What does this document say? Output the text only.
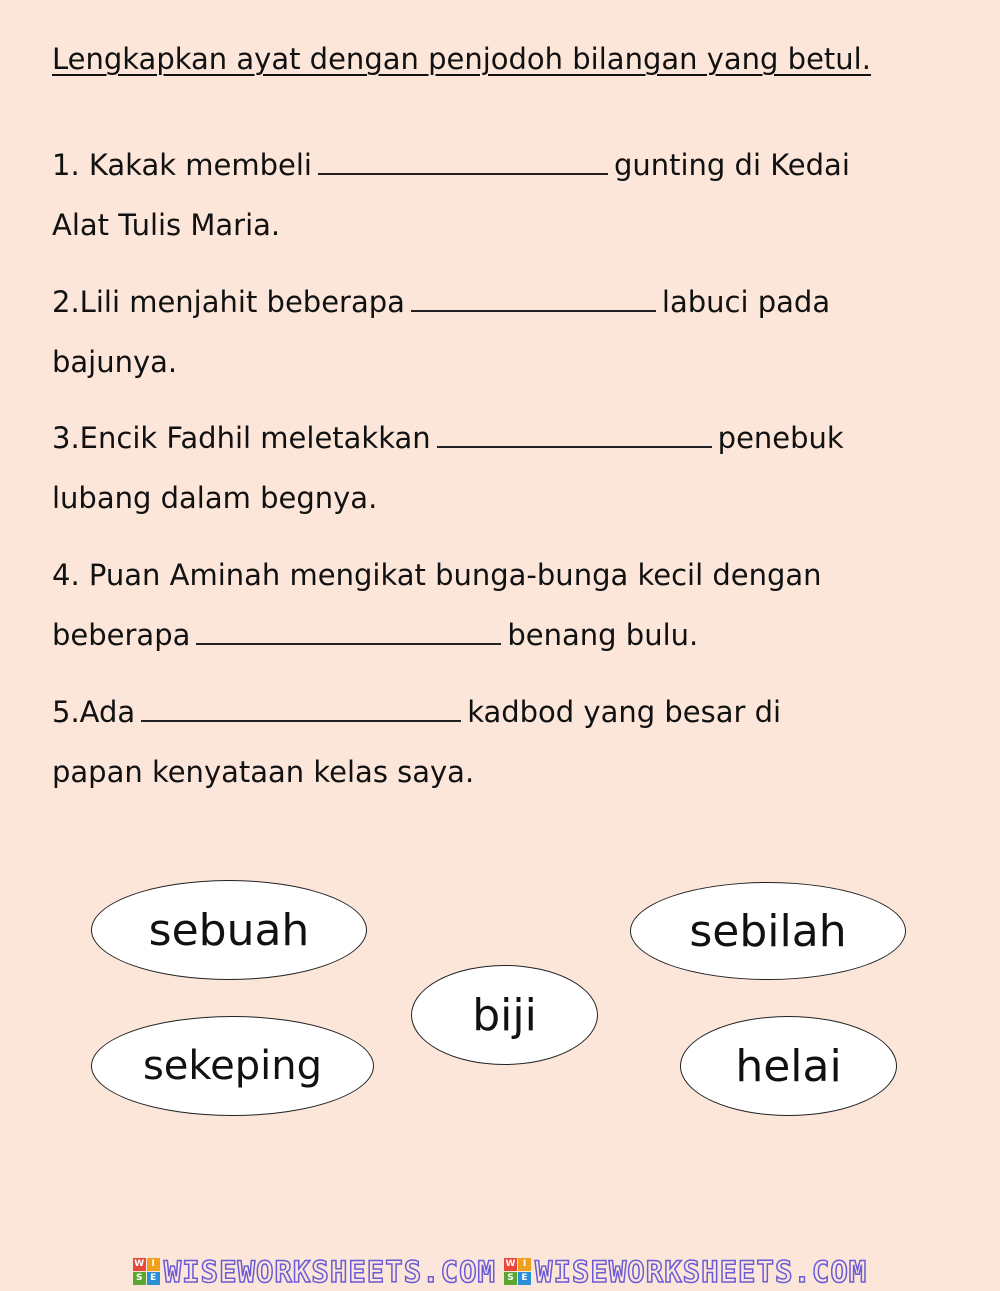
Lengkapkan ayat dengan penjodoh bilangan yang betul.
1. Kakak membeli	gunting di Kedai
Alat Tulis Maria.
2.Lili menjahit beberapa	labuci pada
bajunya.
3.Encik Fadhil meletakkan	penebuk
lubang dalam begnya.
4. Puan Aminah mengikat bunga-bunga kecil dengan
beberapa	benang bulu.
5.Ada	kadbod yang besar di
papan kenyataan kelas saya.
sebuah	sebilah
biji
sekeping	helai
W I
S E WISEWORKSHEETS.COM W I
S E WISEWORKSHEETS.COM
